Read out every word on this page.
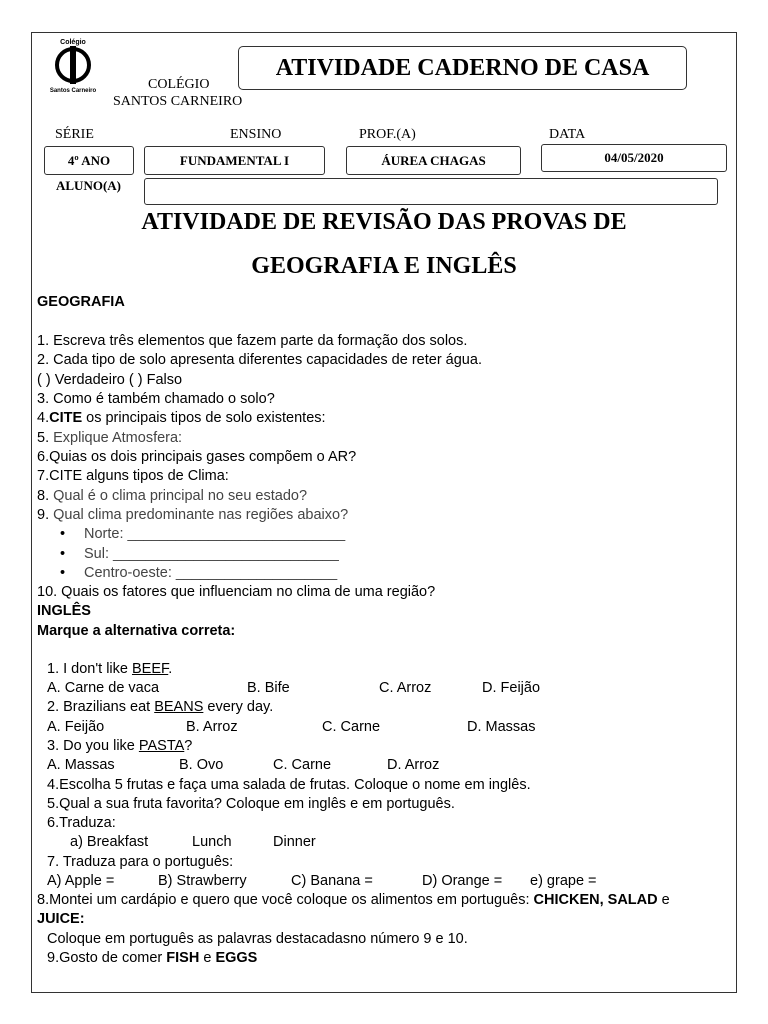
Colégio
Santos Carneiro	COLÉGIO
SANTOS CARNEIRO
ATIVIDADE CADERNO DE CASA
SÉRIE	ENSINO	PROF.(A)	DATA
4º ANO	FUNDAMENTAL I	ÁUREA CHAGAS	04/05/2020
ALUNO(A)
ATIVIDADE DE REVISÃO DAS PROVAS DE
GEOGRAFIA E INGLÊS
GEOGRAFIA
1. Escreva três elementos que fazem parte da formação dos solos.
2. Cada tipo de solo apresenta diferentes capacidades de reter água.
( ) Verdadeiro ( ) Falso
3. Como é também chamado o solo?
4.CITE os principais tipos de solo existentes:
5. Explique Atmosfera:
6.Quias os dois principais gases compõem o AR?
7.CITE alguns tipos de Clima:
8. Qual é o clima principal no seu estado?
9. Qual clima predominante nas regiões abaixo?
• Norte: ___________________________
• Sul: ____________________________
• Centro-oeste: ____________________
10. Quais os fatores que influenciam no clima de uma região?
INGLÊS
Marque a alternativa correta:
1. I don't like BEEF.
A. Carne de vaca	B. Bife	C. Arroz	D. Feijão
2. Brazilians eat BEANS every day.
A. Feijão	B. Arroz	C. Carne	D. Massas
3. Do you like PASTA?
A. Massas	B. Ovo	C. Carne	D. Arroz
4.Escolha 5 frutas e faça uma salada de frutas. Coloque o nome em inglês.
5.Qual a sua fruta favorita? Coloque em inglês e em português.
6.Traduza:
a) Breakfast	Lunch	Dinner
7. Traduza para o português:
A) Apple =	B) Strawberry	C) Banana =	D) Orange = e) grape =
8.Montei um cardápio e quero que você coloque os alimentos em português: CHICKEN, SALAD e
JUICE:
Coloque em português as palavras destacadasno número 9 e 10.
9.Gosto de comer FISH e EGGS
